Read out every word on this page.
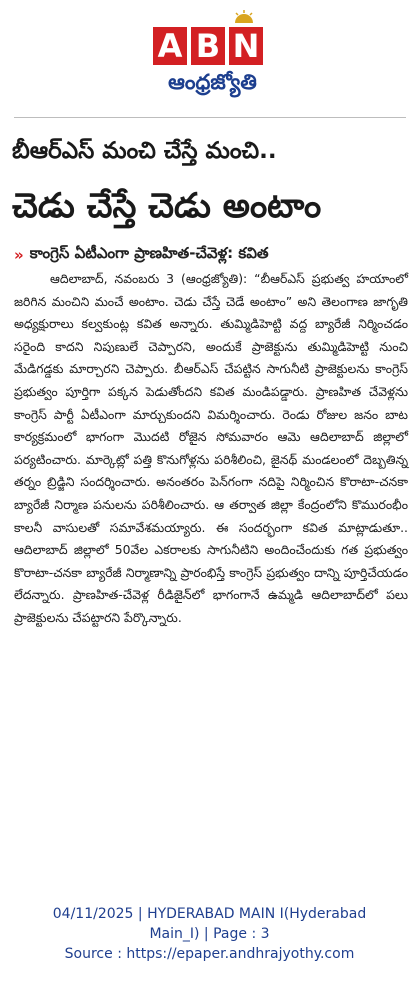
A B N
ఆంధ్రజ్యోతి
బీఆర్ఎస్ మంచి చేస్తే మంచి..
చెడు చేస్తే చెడు అంటాం
» కాంగ్రెస్ ఏటీఎంగా ప్రాణహిత-చేవెళ్ల: కవిత

ఆదిలాబాద్, నవంబరు 3 (ఆంధ్రజ్యోతి): “బీఆర్ఎస్ ప్రభుత్వ హయాంలో జరిగిన మంచిని మంచే అంటాం. చెడు చేస్తే చెడే అంటాం” అని తెలంగాణ జాగృతి అధ్యక్షురాలు కల్వకుంట్ల కవిత అన్నారు. తుమ్మిడిహెట్టి వద్ద బ్యారేజీ నిర్మించడం సరైంది కాదని నిపుణులే చెప్పారని, అందుకే ప్రాజెక్టును తుమ్మిడిహెట్టి నుంచి మేడిగడ్డకు మార్చారని చెప్పారు. బీఆర్ఎస్ చేపట్టిన సాగునీటి ప్రాజెక్టులను కాంగ్రెస్ ప్రభుత్వం పూర్తిగా పక్కన పెడుతోందని కవిత మండిపడ్డారు. ప్రాణహిత చేవెళ్లను కాంగ్రెస్ పార్టీ ఏటీఎంగా మార్చుకుందని విమర్శించారు. రెండు రోజుల జనం బాట కార్యక్రమంలో భాగంగా మొదటి రోజైన సోమవారం ఆమె ఆదిలాబాద్ జిల్లాలో పర్యటించారు. మార్కెట్లో పత్తి కొనుగోళ్లను పరిశీలించి, జైనథ్ మండలంలో దెబ్బతిన్న తర్నం బ్రిడ్జిని సందర్శించారు. అనంతరం పెన్‌గంగా నదిపై నిర్మించిన కొరాటా-చనకా బ్యారేజీ నిర్మాణ పనులను పరిశీలించారు. ఆ తర్వాత జిల్లా కేంద్రంలోని కొమురంభీం కాలనీ వాసులతో సమావేశమయ్యారు. ఈ సందర్భంగా కవిత మాట్లాడుతూ.. ఆదిలాబాద్ జిల్లాలో 50వేల ఎకరాలకు సాగునీటిని అందించేందుకు గత ప్రభుత్వం కొరాటా-చనకా బ్యారేజీ నిర్మాణాన్ని ప్రారంభిస్తే కాంగ్రెస్ ప్రభుత్వం దాన్ని పూర్తిచేయడం లేదన్నారు. ప్రాణహిత-చేవెళ్ల రీడిజైన్‌లో భాగంగానే ఉమ్మడి ఆదిలాబాద్‌లో పలు ప్రాజెక్టులను చేపట్టారని పేర్కొన్నారు.

04/11/2025 | HYDERABAD MAIN I(Hyderabad
Main_I) | Page : 3
Source : https://epaper.andhrajyothy.com
